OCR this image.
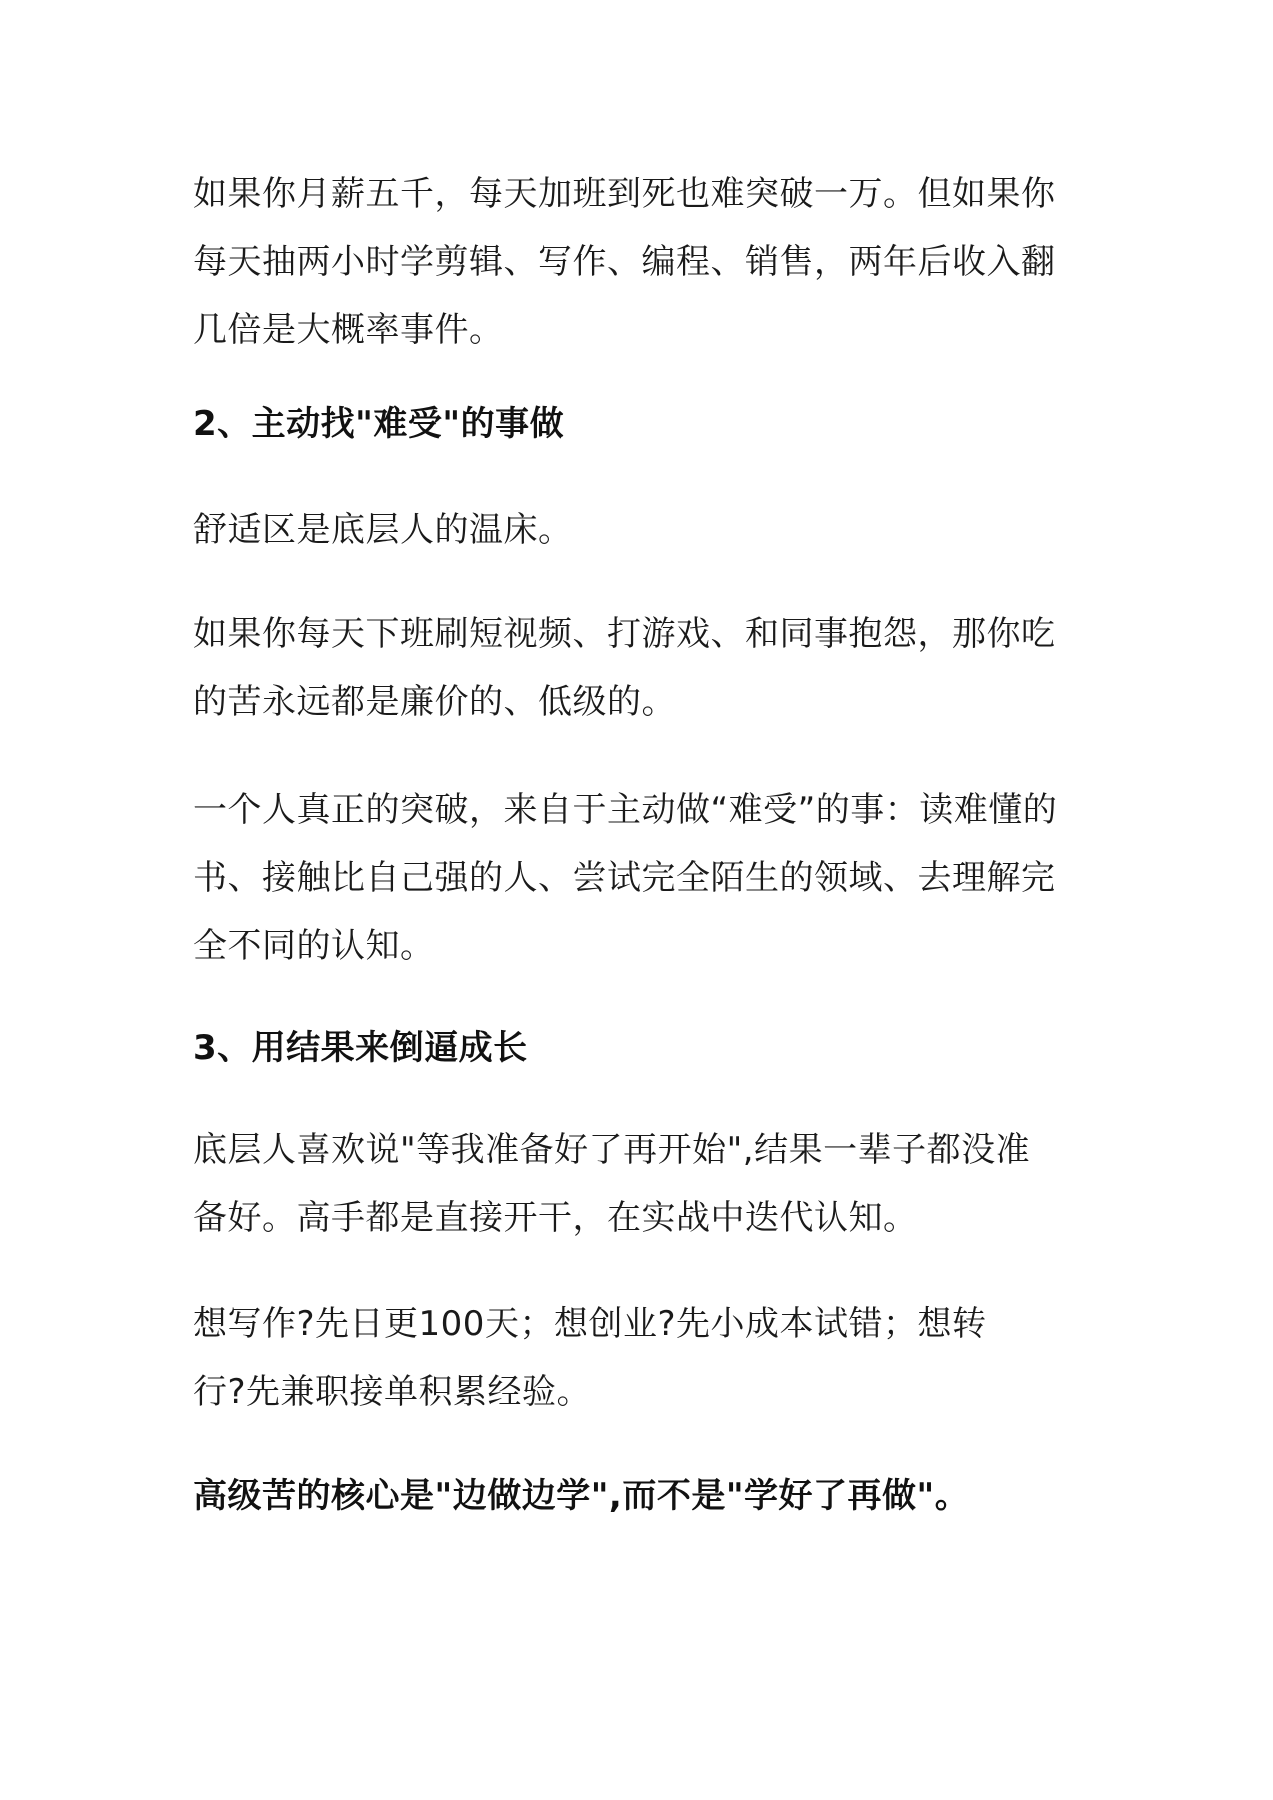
如果你月薪五千，每天加班到死也难突破一万。但如果你
每天抽两小时学剪辑、写作、编程、销售，两年后收入翻
几倍是大概率事件。
2、主动找"难受"的事做
舒适区是底层人的温床。
如果你每天下班刷短视频、打游戏、和同事抱怨，那你吃
的苦永远都是廉价的、低级的。
一个人真正的突破，来自于主动做“难受”的事：读难懂的
书、接触比自己强的人、尝试完全陌生的领域、去理解完
全不同的认知。
3、用结果来倒逼成长
底层人喜欢说"等我准备好了再开始",结果一辈子都没准
备好。高手都是直接开干，在实战中迭代认知。
想写作?先日更100天；想创业?先小成本试错；想转
行?先兼职接单积累经验。
高级苦的核心是"边做边学",而不是"学好了再做"。
